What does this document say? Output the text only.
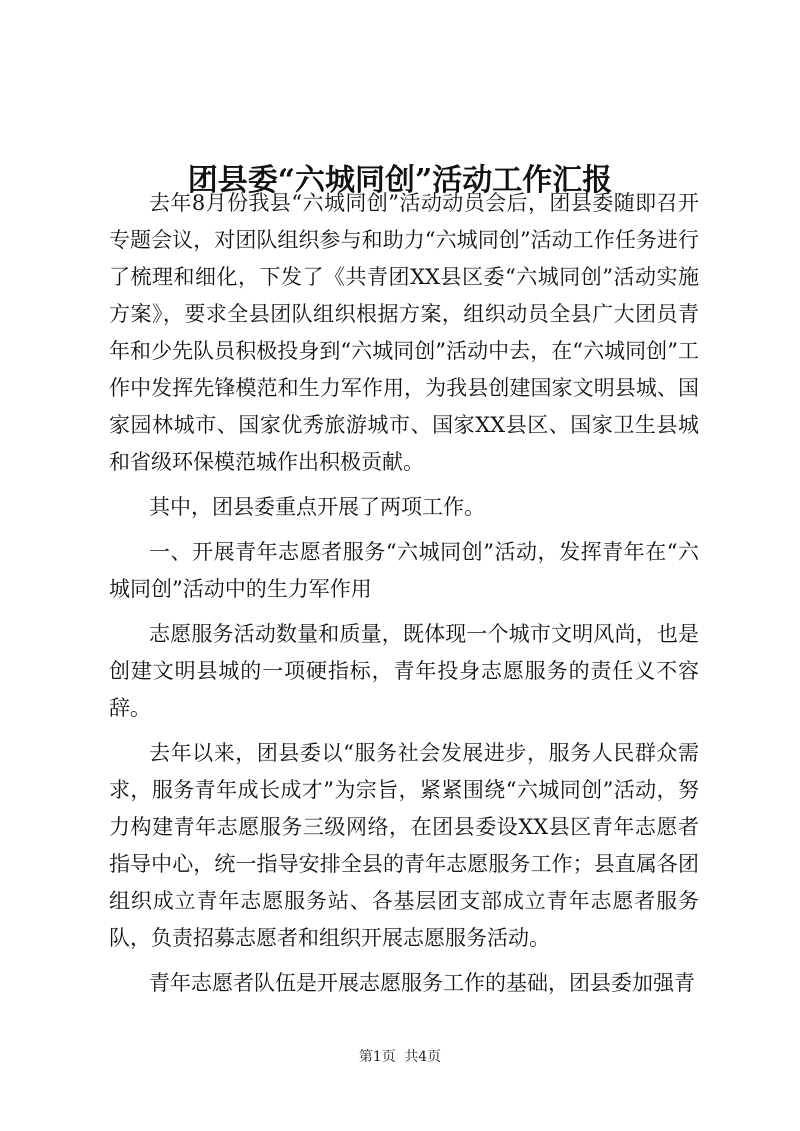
团县委“六城同创”活动工作汇报

去年8月份我县“六城同创”活动动员会后，团县委随即召开专题会议，对团队组织参与和助力“六城同创”活动工作任务进行了梳理和细化，下发了《共青团XX县区委“六城同创”活动实施方案》，要求全县团队组织根据方案，组织动员全县广大团员青年和少先队员积极投身到“六城同创”活动中去，在“六城同创”工作中发挥先锋模范和生力军作用，为我县创建国家文明县城、国家园林城市、国家优秀旅游城市、国家XX县区、国家卫生县城和省级环保模范城作出积极贡献。

其中，团县委重点开展了两项工作。

一、开展青年志愿者服务“六城同创”活动，发挥青年在“六城同创”活动中的生力军作用

志愿服务活动数量和质量，既体现一个城市文明风尚，也是创建文明县城的一项硬指标，青年投身志愿服务的责任义不容辞。

去年以来，团县委以“服务社会发展进步，服务人民群众需求，服务青年成长成才”为宗旨，紧紧围绕“六城同创”活动，努力构建青年志愿服务三级网络，在团县委设XX县区青年志愿者指导中心，统一指导安排全县的青年志愿服务工作；县直属各团组织成立青年志愿服务站、各基层团支部成立青年志愿者服务队，负责招募志愿者和组织开展志愿服务活动。

青年志愿者队伍是开展志愿服务工作的基础，团县委加强青

第1页 共4页
